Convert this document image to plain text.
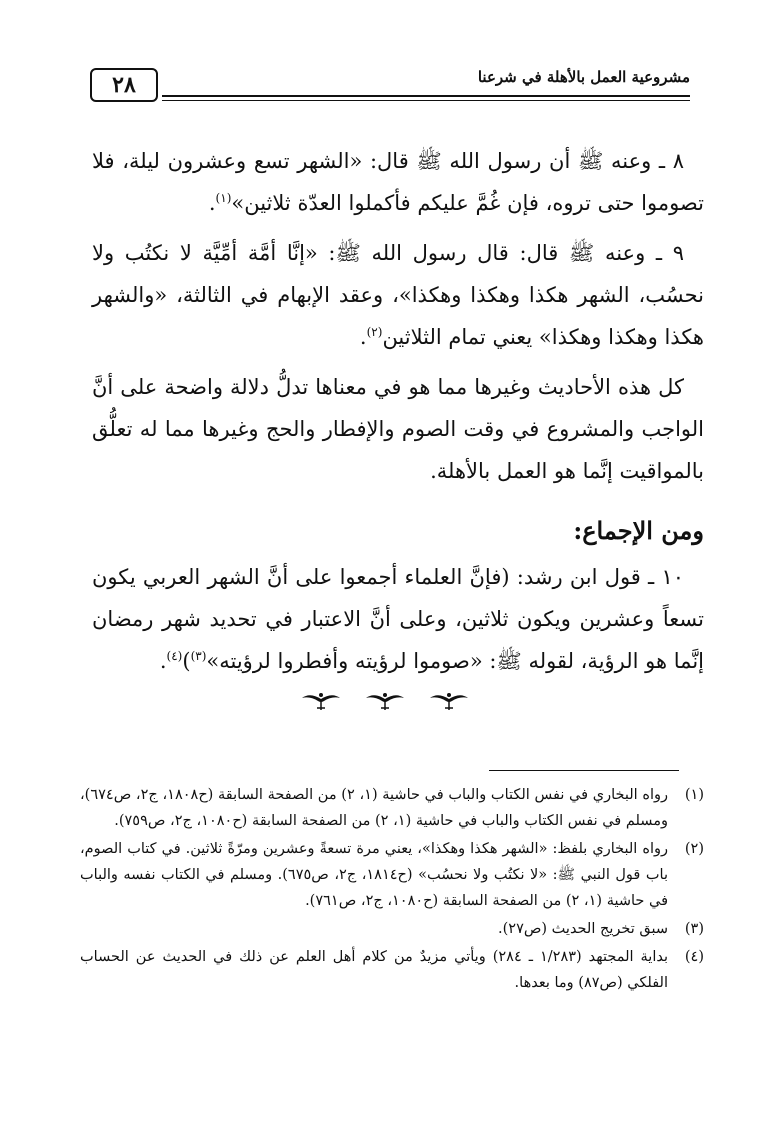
مشروعية العمل بالأهلة في شرعنا
٢٨

٨ ـ وعنه ﷺ أن رسول الله ﷺ قال: «الشهر تسع وعشرون ليلة، فلا تصوموا حتى تروه، فإن غُمَّ عليكم فأكملوا العدّة ثلاثين»$^{(١)}$.

٩ ـ وعنه ﷺ قال: قال رسول الله ﷺ: «إنَّا أمَّة أمِّيَّة لا نكتُب ولا نحسُب، الشهر هكذا وهكذا وهكذا»، وعقد الإبهام في الثالثة، «والشهر هكذا وهكذا وهكذا» يعني تمام الثلاثين$^{(٢)}$.

كل هذه الأحاديث وغيرها مما هو في معناها تدلُّ دلالة واضحة على أنَّ الواجب والمشروع في وقت الصوم والإفطار والحج وغيرها مما له تعلُّق بالمواقيت إنَّما هو العمل بالأهلة.

ومن الإجماع:

١٠ ـ قول ابن رشد: (فإنَّ العلماء أجمعوا على أنَّ الشهر العربي يكون تسعاً وعشرين ويكون ثلاثين، وعلى أنَّ الاعتبار في تحديد شهر رمضان إنَّما هو الرؤية، لقوله ﷺ: «صوموا لرؤيته وأفطروا لرؤيته»$^{(٣)}$)$^{(٤)}$.

(١)
رواه البخاري في نفس الكتاب والباب في حاشية (١، ٢) من الصفحة السابقة (ح١٨٠٨، ج٢، ص٦٧٤)، ومسلم في نفس الكتاب والباب في حاشية (١، ٢) من الصفحة السابقة (ح١٠٨٠، ج٢، ص٧٥٩).
(٢)
رواه البخاري بلفظ: «الشهر هكذا وهكذا»، يعني مرة تسعةً وعشرين ومرّةً ثلاثين. في كتاب الصوم، باب قول النبي ﷺ: «لا نكتُب ولا نحسُب» (ح١٨١٤، ج٢، ص٦٧٥). ومسلم في الكتاب نفسه والباب في حاشية (١، ٢) من الصفحة السابقة (ح١٠٨٠، ج٢، ص٧٦١).
(٣)
سبق تخريج الحديث (ص٢٧).
(٤)
بداية المجتهد (١/٢٨٣ ـ ٢٨٤) ويأتي مزيدٌ من كلام أهل العلم عن ذلك في الحديث عن الحساب الفلكي (ص٨٧) وما بعدها.
